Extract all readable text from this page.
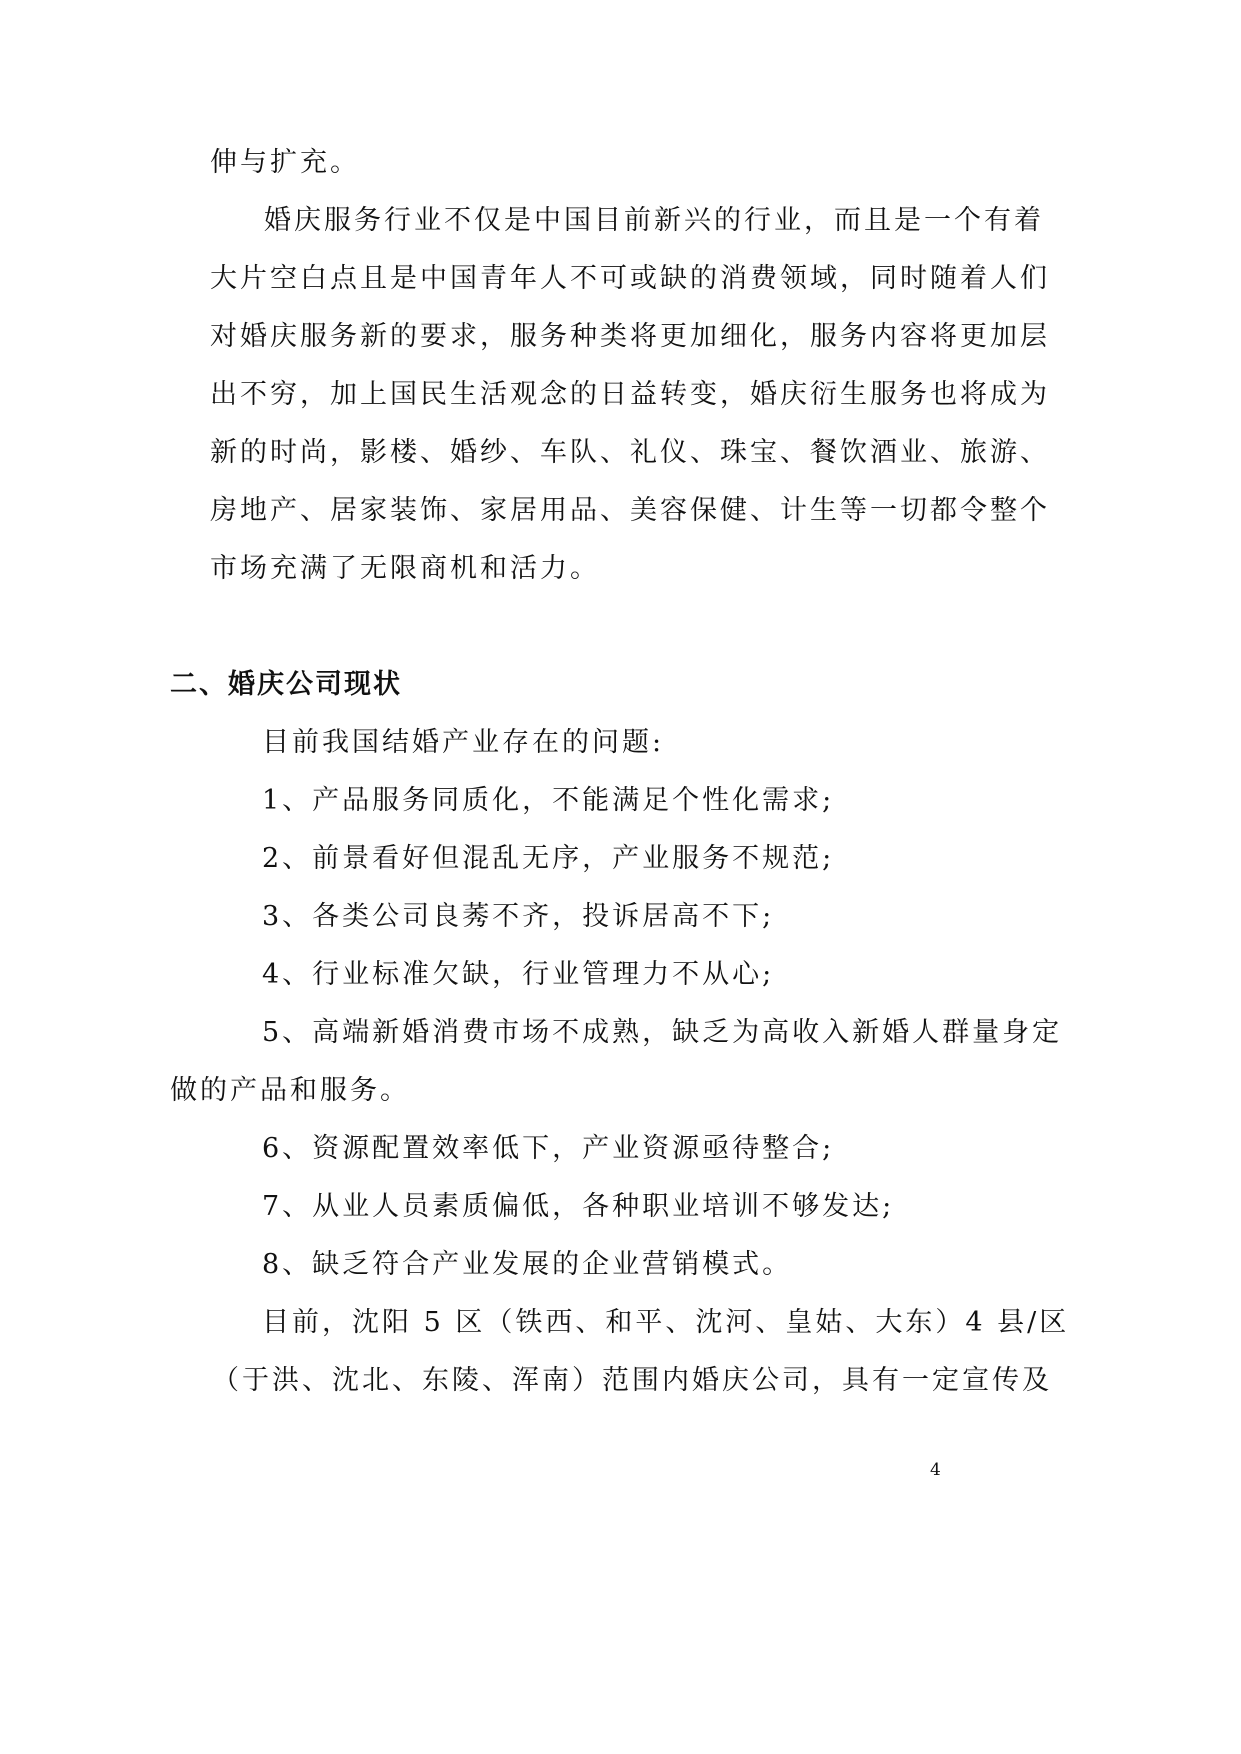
伸与扩充。
婚庆服务行业不仅是中国目前新兴的行业，而且是一个有着
大片空白点且是中国青年人不可或缺的消费领域，同时随着人们
对婚庆服务新的要求，服务种类将更加细化，服务内容将更加层
出不穷，加上国民生活观念的日益转变，婚庆衍生服务也将成为
新的时尚，影楼、婚纱、车队、礼仪、珠宝、餐饮酒业、旅游、
房地产、居家装饰、家居用品、美容保健、计生等一切都令整个
市场充满了无限商机和活力。
二、婚庆公司现状
目前我国结婚产业存在的问题:
1、产品服务同质化，不能满足个性化需求;
2、前景看好但混乱无序，产业服务不规范;
3、各类公司良莠不齐，投诉居高不下;
4、行业标准欠缺，行业管理力不从心;
5、高端新婚消费市场不成熟，缺乏为高收入新婚人群量身定
做的产品和服务。
6、资源配置效率低下，产业资源亟待整合;
7、从业人员素质偏低，各种职业培训不够发达;
8、缺乏符合产业发展的企业营销模式。
目前，沈阳 5 区（铁西、和平、沈河、皇姑、大东）4 县/区
（于洪、沈北、东陵、浑南）范围内婚庆公司，具有一定宣传及
4
